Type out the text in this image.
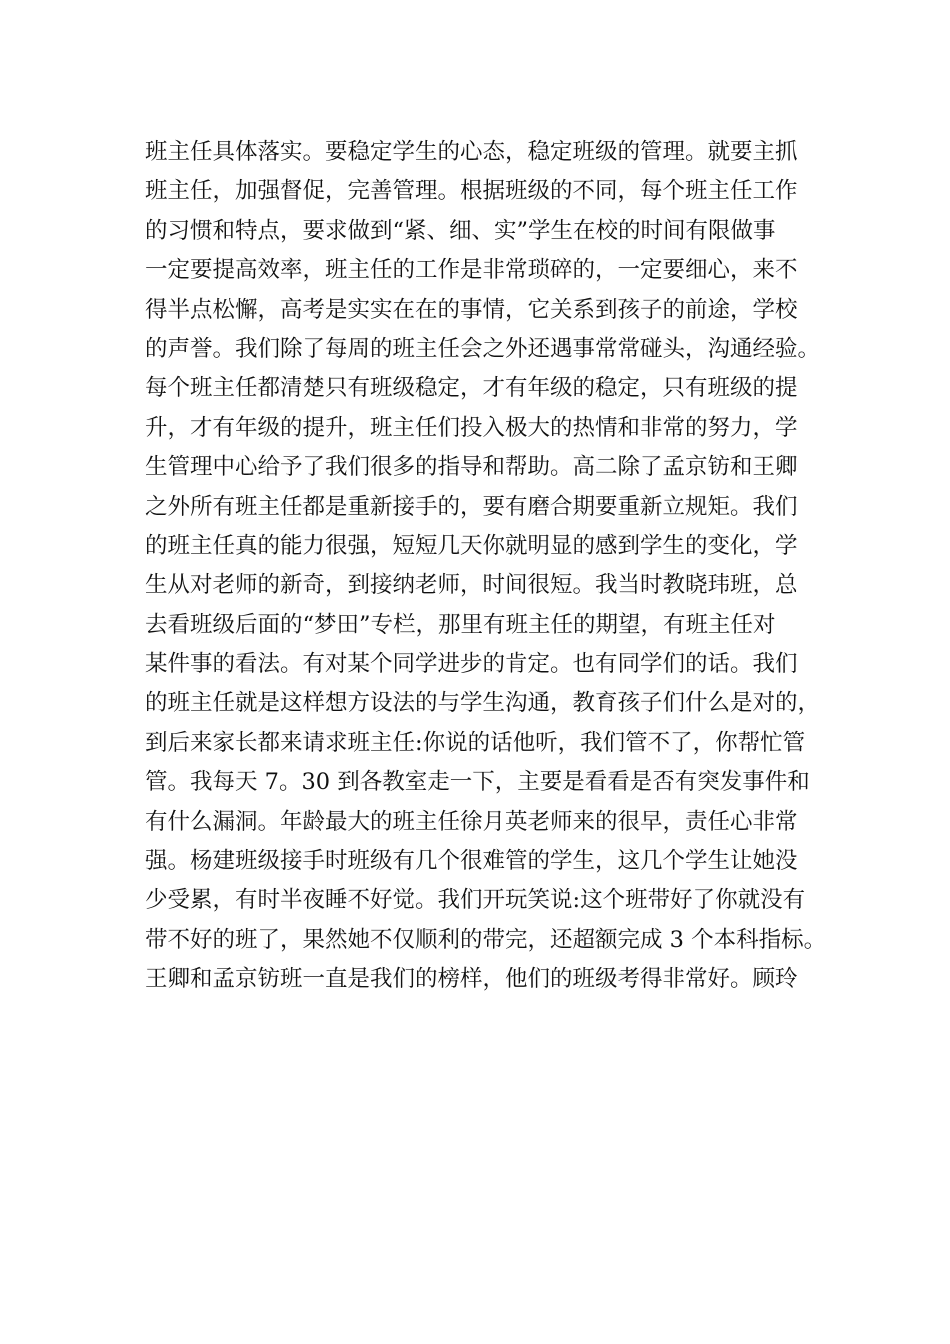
班主任具体落实。要稳定学生的心态，稳定班级的管理。就要主抓
班主任，加强督促，完善管理。根据班级的不同，每个班主任工作
的习惯和特点，要求做到“紧、细、实”学生在校的时间有限做事
一定要提高效率，班主任的工作是非常琐碎的，一定要细心，来不
得半点松懈，高考是实实在在的事情，它关系到孩子的前途，学校
的声誉。我们除了每周的班主任会之外还遇事常常碰头，沟通经验。
每个班主任都清楚只有班级稳定，才有年级的稳定，只有班级的提
升，才有年级的提升，班主任们投入极大的热情和非常的努力，学
生管理中心给予了我们很多的指导和帮助。高二除了孟京钫和王卿
之外所有班主任都是重新接手的，要有磨合期要重新立规矩。我们
的班主任真的能力很强，短短几天你就明显的感到学生的变化，学
生从对老师的新奇，到接纳老师，时间很短。我当时教晓玮班，总
去看班级后面的“梦田”专栏，那里有班主任的期望，有班主任对
某件事的看法。有对某个同学进步的肯定。也有同学们的话。我们
的班主任就是这样想方设法的与学生沟通，教育孩子们什么是对的，
到后来家长都来请求班主任:你说的话他听，我们管不了，你帮忙管
管。我每天 7。30 到各教室走一下，主要是看看是否有突发事件和
有什么漏洞。年龄最大的班主任徐月英老师来的很早，责任心非常
强。杨建班级接手时班级有几个很难管的学生，这几个学生让她没
少受累，有时半夜睡不好觉。我们开玩笑说:这个班带好了你就没有
带不好的班了，果然她不仅顺利的带完，还超额完成 3 个本科指标。
王卿和孟京钫班一直是我们的榜样，他们的班级考得非常好。顾玲
